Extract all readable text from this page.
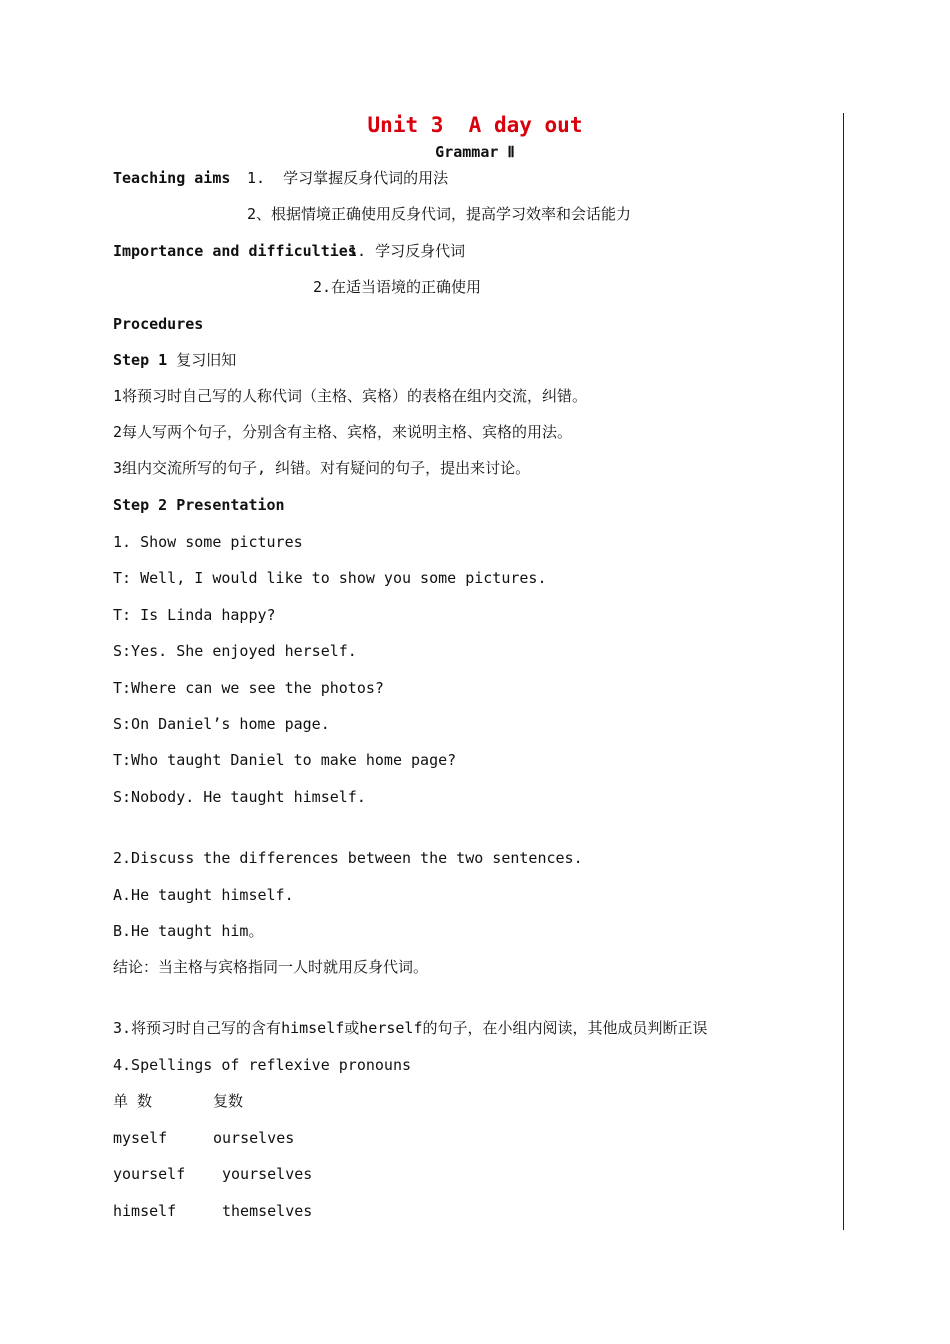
Unit 3  A day out
Grammar Ⅱ
Teaching aims 1.  学习掌握反身代词的用法
2、根据情境正确使用反身代词，提高学习效率和会话能力
Importance and difficulties
1. 学习反身代词
2.在适当语境的正确使用
Procedures
Step 1 复习旧知
1将预习时自己写的人称代词（主格、宾格）的表格在组内交流，纠错。
2每人写两个句子，分别含有主格、宾格，来说明主格、宾格的用法。
3组内交流所写的句子, 纠错。对有疑问的句子，提出来讨论。
Step 2 Presentation
1. Show some pictures
T: Well, I would like to show you some pictures.
T: Is Linda happy?
S:Yes. She enjoyed herself.
T:Where can we see the photos?
S:On Daniel’s home page.
T:Who taught Daniel to make home page?
S:Nobody. He taught himself.
2.Discuss the differences between the two sentences.
A.He taught himself.
B.He taught him。
结论：当主格与宾格指同一人时就用反身代词。
3.将预习时自己写的含有himself或herself的句子，在小组内阅读，其他成员判断正误
4.Spellings of reflexive pronouns
单 数	复数
myself	ourselves
yourself yourselves
himself	themselves
